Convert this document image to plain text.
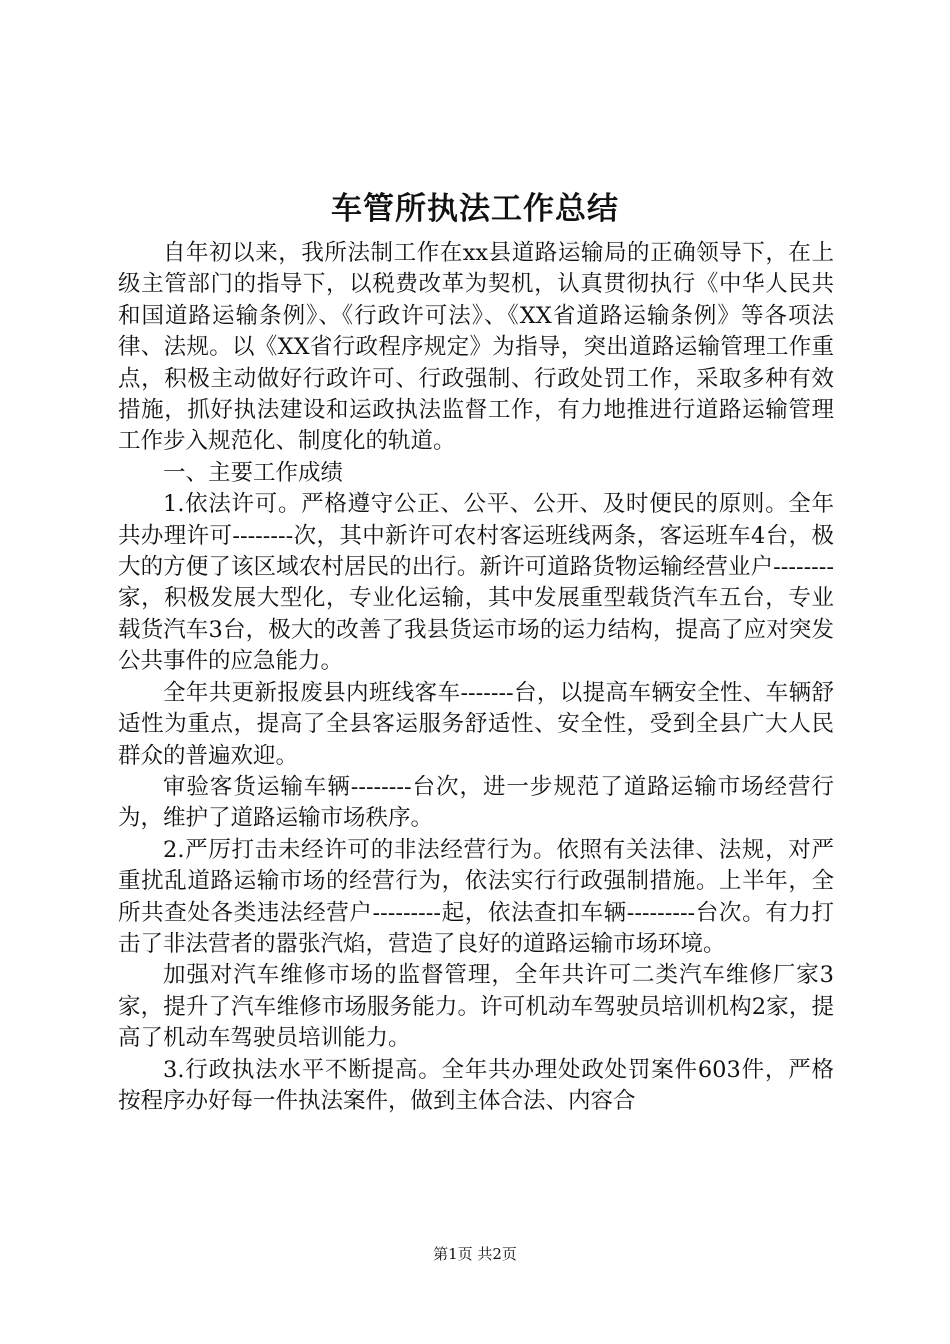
车管所执法工作总结

自年初以来，我所法制工作在xx县道路运输局的正确领导下，在上级主管部门的指导下，以税费改革为契机，认真贯彻执行《中华人民共和国道路运输条例》、《行政许可法》、《XX省道路运输条例》等各项法律、法规。以《XX省行政程序规定》为指导，突出道路运输管理工作重点，积极主动做好行政许可、行政强制、行政处罚工作，采取多种有效措施，抓好执法建设和运政执法监督工作，有力地推进行道路运输管理工作步入规范化、制度化的轨道。

一、主要工作成绩

1.依法许可。严格遵守公正、公平、公开、及时便民的原则。全年共办理许可--------次，其中新许可农村客运班线两条，客运班车4台，极大的方便了该区域农村居民的出行。新许可道路货物运输经营业户--------家，积极发展大型化，专业化运输，其中发展重型载货汽车五台，专业载货汽车3台，极大的改善了我县货运市场的运力结构，提高了应对突发公共事件的应急能力。

全年共更新报废县内班线客车-------台，以提高车辆安全性、车辆舒适性为重点，提高了全县客运服务舒适性、安全性，受到全县广大人民群众的普遍欢迎。

审验客货运输车辆--------台次，进一步规范了道路运输市场经营行为，维护了道路运输市场秩序。

2.严厉打击未经许可的非法经营行为。依照有关法律、法规，对严重扰乱道路运输市场的经营行为，依法实行行政强制措施。上半年，全所共查处各类违法经营户---------起，依法查扣车辆---------台次。有力打击了非法营者的嚣张汽焰，营造了良好的道路运输市场环境。

加强对汽车维修市场的监督管理，全年共许可二类汽车维修厂家3家，提升了汽车维修市场服务能力。许可机动车驾驶员培训机构2家，提高了机动车驾驶员培训能力。

3.行政执法水平不断提高。全年共办理处政处罚案件603件，严格按程序办好每一件执法案件，做到主体合法、内容合

第1页 共2页
